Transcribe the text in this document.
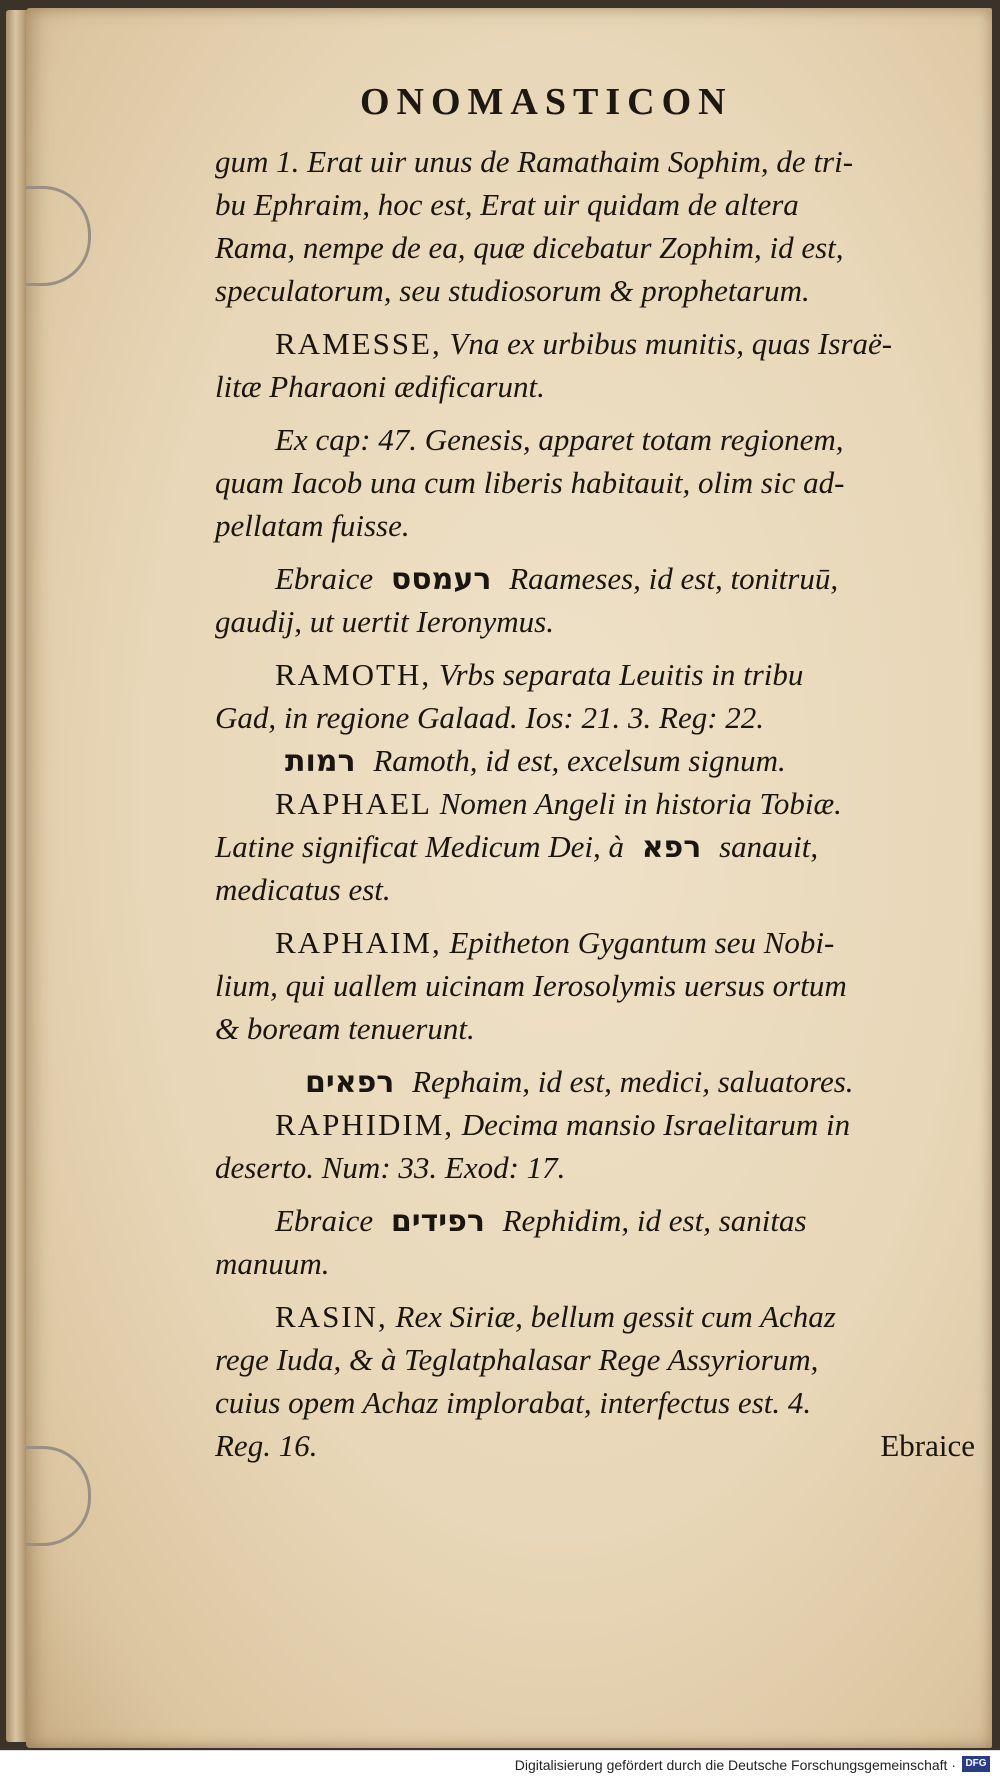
ONOMASTICON
gum 1. Erat uir unus de Ramathaim Sophim, de tri-
bu Ephraim, hoc est, Erat uir quidam de altera
Rama, nempe de ea, quæ dicebatur Zophim, id est,
speculatorum, seu studiosorum & prophetarum.
RAMESSE, Vna ex urbibus munitis, quas Israë-
litæ Pharaoni ædificarunt.
Ex cap: 47. Genesis, apparet totam regionem,
quam Iacob una cum liberis habitauit, olim sic ad-
pellatam fuisse.
Ebraice רעמסס Raameses, id est, tonitruū,
gaudij, ut uertit Ieronymus.
RAMOTH, Vrbs separata Leuitis in tribu
Gad, in regione Galaad. Ios: 21. 3. Reg: 22.
רמות Ramoth, id est, excelsum signum.
RAPHAEL Nomen Angeli in historia Tobiæ.
Latine significat Medicum Dei, à רפא sanauit,
medicatus est.
RAPHAIM, Epitheton Gygantum seu Nobi-
lium, qui uallem uicinam Ierosolymis uersus ortum
& boream tenuerunt.
רפאים Rephaim, id est, medici, saluatores.
RAPHIDIM, Decima mansio Israelitarum in
deserto. Num: 33. Exod: 17.
Ebraice רפידים Rephidim, id est, sanitas
manuum.
RASIN, Rex Siriæ, bellum gessit cum Achaz
rege Iuda, & à Teglatphalasar Rege Assyriorum,
cuius opem Achaz implorabat, interfectus est. 4.
Reg. 16.	Ebraice
Digitalisierung gefördert durch die Deutsche Forschungsgemeinschaft · DFG
